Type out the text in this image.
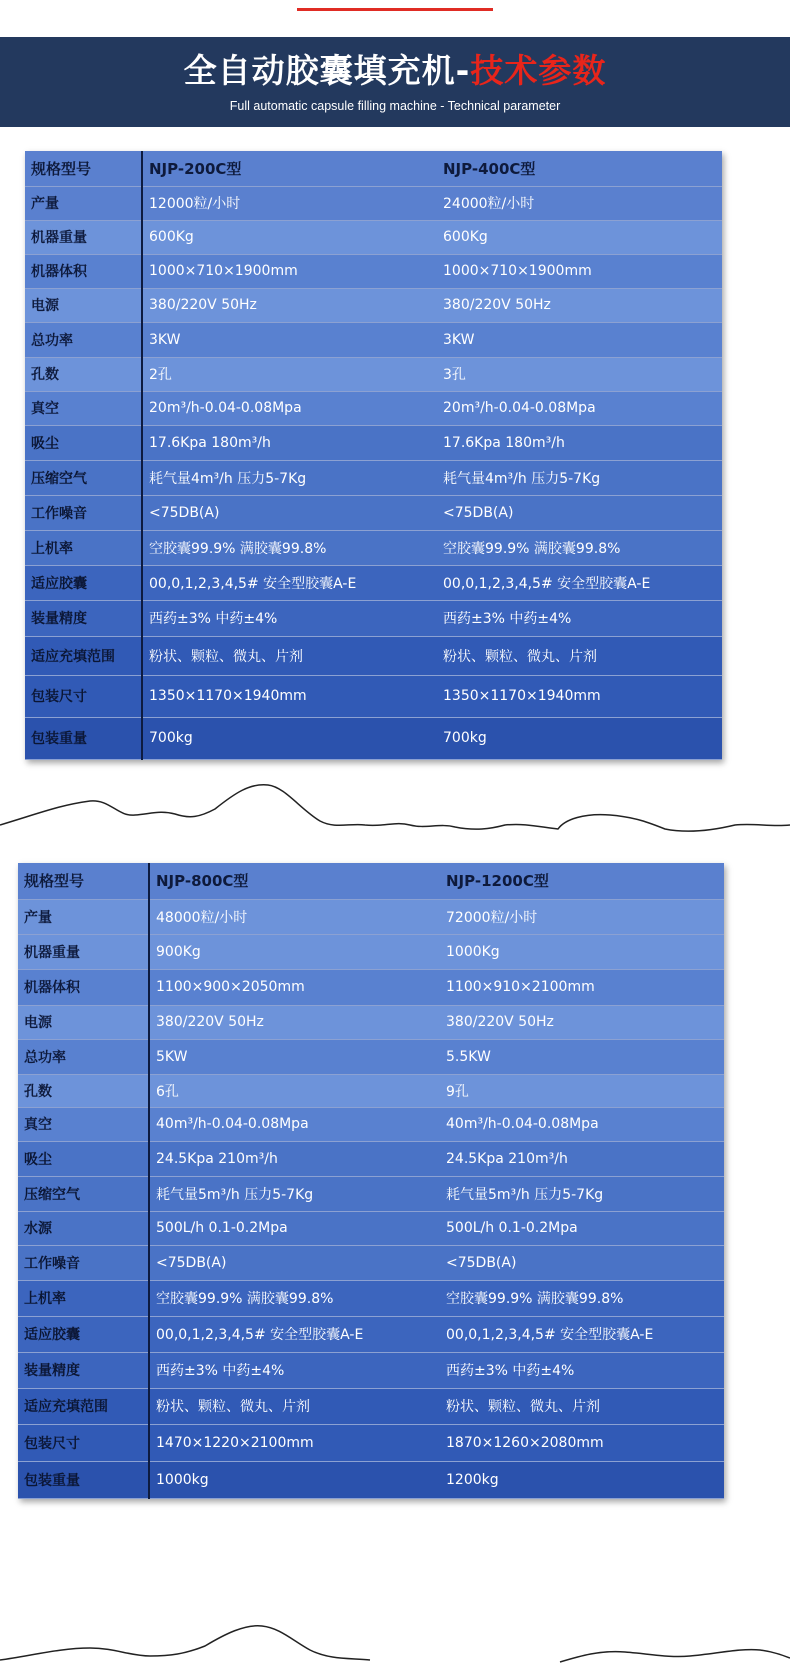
全自动胶囊填充机-技术参数
Full automatic capsule filling machine - Technical parameter
规格型号	NJP-200C型	NJP-400C型
产量	12000粒/小时	24000粒/小时
机器重量	600Kg	600Kg
机器体积	1000×710×1900mm	1000×710×1900mm
电源	380/220V 50Hz	380/220V 50Hz
总功率	3KW	3KW
孔数	2孔	3孔
真空	20m³/h-0.04-0.08Mpa	20m³/h-0.04-0.08Mpa
吸尘	17.6Kpa 180m³/h	17.6Kpa 180m³/h
压缩空气	耗气量4m³/h 压力5-7Kg	耗气量4m³/h 压力5-7Kg
工作噪音	<75DB(A)	<75DB(A)
上机率	空胶囊99.9% 满胶囊99.8%	空胶囊99.9% 满胶囊99.8%
适应胶囊	00,0,1,2,3,4,5# 安全型胶囊A-E	00,0,1,2,3,4,5# 安全型胶囊A-E
装量精度	西药±3% 中药±4%	西药±3% 中药±4%
适应充填范围	粉状、颗粒、微丸、片剂	粉状、颗粒、微丸、片剂
包装尺寸	1350×1170×1940mm	1350×1170×1940mm
包装重量	700kg	700kg
规格型号	NJP-800C型	NJP-1200C型
产量	48000粒/小时	72000粒/小时
机器重量	900Kg	1000Kg
机器体积	1100×900×2050mm	1100×910×2100mm
电源	380/220V 50Hz	380/220V 50Hz
总功率	5KW	5.5KW
孔数	6孔	9孔
真空	40m³/h-0.04-0.08Mpa	40m³/h-0.04-0.08Mpa
吸尘	24.5Kpa 210m³/h	24.5Kpa 210m³/h
压缩空气	耗气量5m³/h 压力5-7Kg	耗气量5m³/h 压力5-7Kg
水源	500L/h 0.1-0.2Mpa	500L/h 0.1-0.2Mpa
工作噪音	<75DB(A)	<75DB(A)
上机率	空胶囊99.9% 满胶囊99.8%	空胶囊99.9% 满胶囊99.8%
适应胶囊	00,0,1,2,3,4,5# 安全型胶囊A-E	00,0,1,2,3,4,5# 安全型胶囊A-E
装量精度	西药±3% 中药±4%	西药±3% 中药±4%
适应充填范围	粉状、颗粒、微丸、片剂	粉状、颗粒、微丸、片剂
包装尺寸	1470×1220×2100mm	1870×1260×2080mm
包装重量	1000kg	1200kg
